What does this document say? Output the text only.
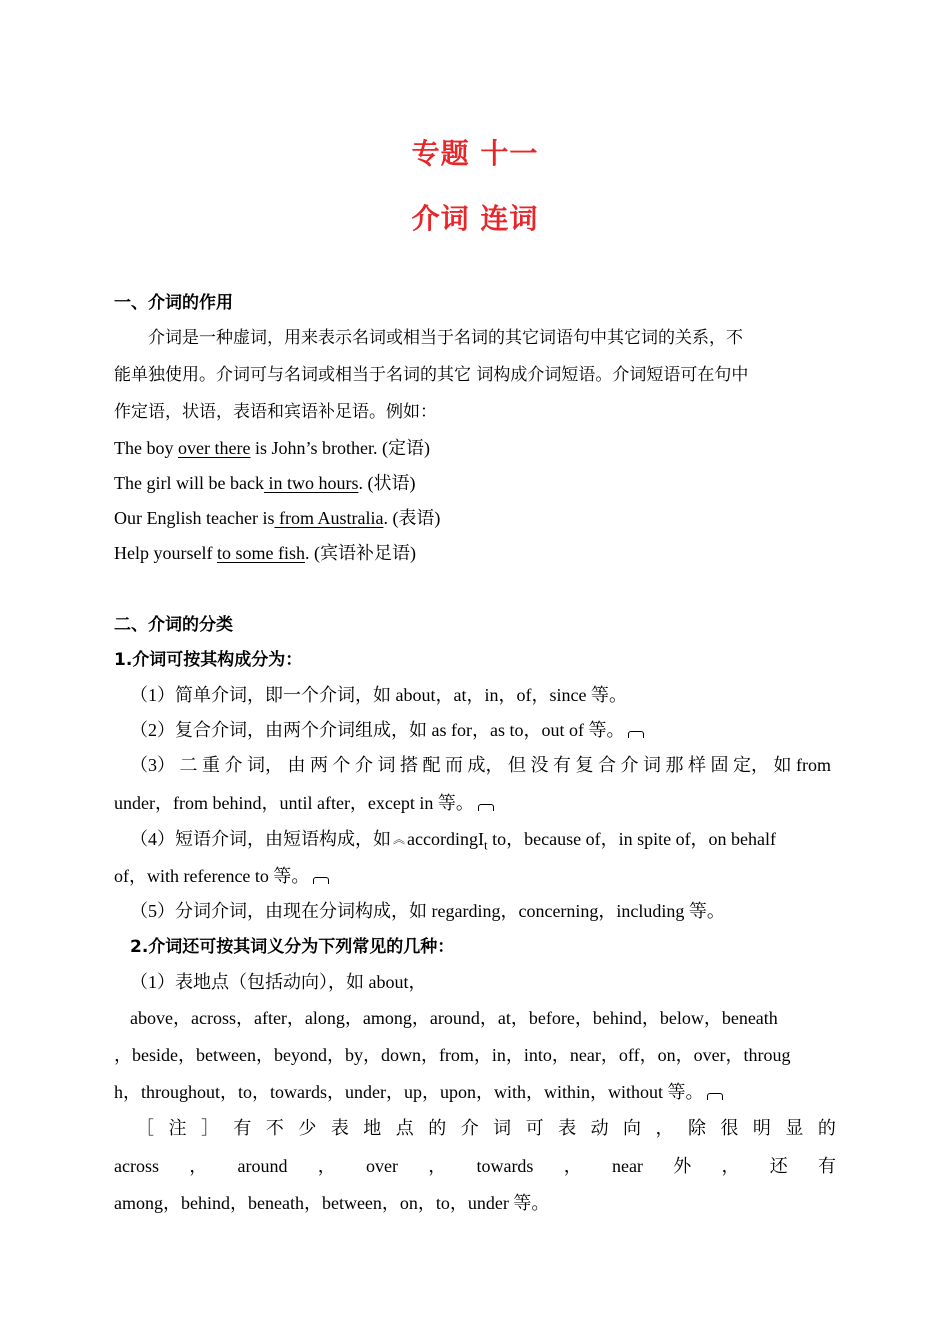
专题 十一
介词 连词
一、介词的作用
　　介词是一种虚词，用来表示名词或相当于名词的其它词语句中其它词的关系，不
能单独使用。介词可与名词或相当于名词的其它 词构成介词短语。介词短语可在句中
作定语，状语，表语和宾语补足语。例如：
The boy over there is John’s brother. (定语)
The girl will be back in two hours. (状语)
Our English teacher is from Australia. (表语)
Help yourself to some fish. (宾语补足语)
二、介词的分类
1.介词可按其构成分为：
（1）简单介词，即一个介词，如 about，at，in，of，since 等。
（2）复合介词，由两个介词组成，如 as for，as to，out of 等。
（3） 二 重 介 词， 由 两 个 介 词 搭 配 而 成， 但 没 有 复 合 介 词 那 样 固 定， 如 from
under，from behind，until after，except in 等。
（4）短语介词，由短语构成，如 ︽ accordingI$_t$ to，because of，in spite of，on behalf
of，with reference to 等。
（5）分词介词，由现在分词构成，如 regarding，concerning，including 等。
2.介词还可按其词义分为下列常见的几种：
（1）表地点（包括动向），如 about，
above，across，after，along，among，around，at，before，behind，below，beneath
，beside，between，beyond，by，down，from，in，into，near，off，on，over，throug
h，throughout，to，towards，under，up，upon，with，within，without 等。
［ 注 ］ 有 不 少 表 地 点 的 介 词 可 表 动 向 ， 除 很 明 显 的
across ， around ， over ， towards ， near 外 ， 还 有
among，behind，beneath，between，on，to，under 等。
